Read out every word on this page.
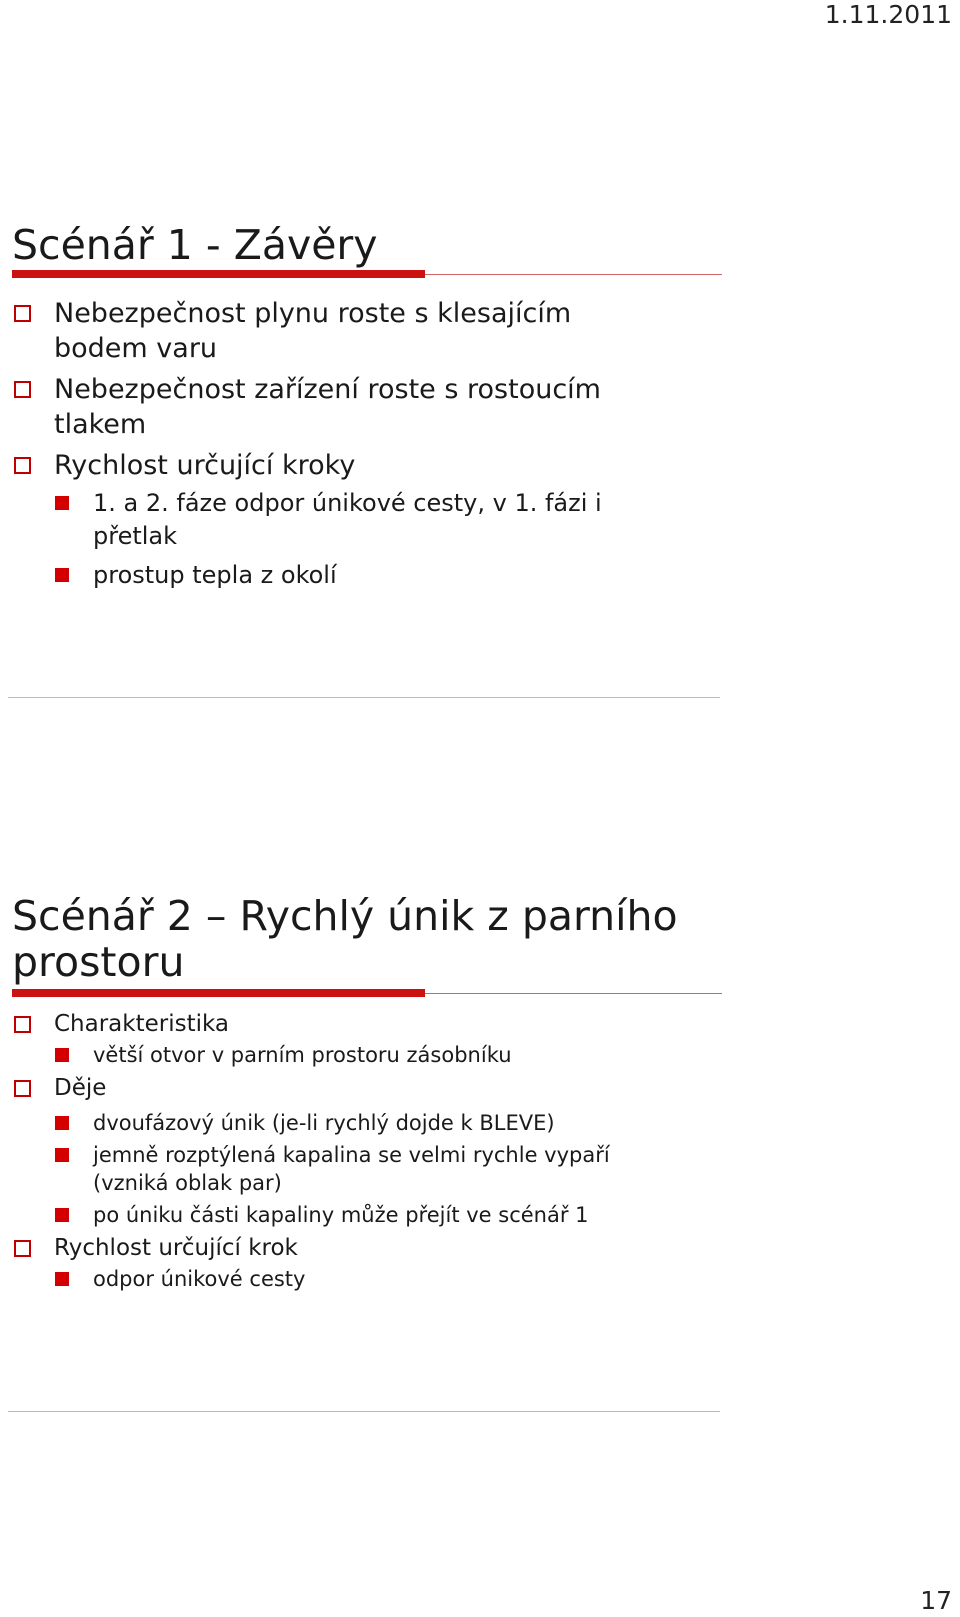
1.11.2011
Scénář 1 - Závěry
Nebezpečnost plynu roste s klesajícím bodem varu
Nebezpečnost zařízení roste s rostoucím tlakem
Rychlost určující kroky
1. a 2. fáze odpor únikové cesty, v 1. fázi i přetlak
prostup tepla z okolí
Scénář 2 – Rychlý únik z parního prostoru
Charakteristika
větší otvor v parním prostoru zásobníku
Děje
dvoufázový únik (je-li rychlý dojde k BLEVE)
jemně rozptýlená kapalina se velmi rychle vypaří (vzniká oblak par)
po úniku části kapaliny může přejít ve scénář 1
Rychlost určující krok
odpor únikové cesty
17
